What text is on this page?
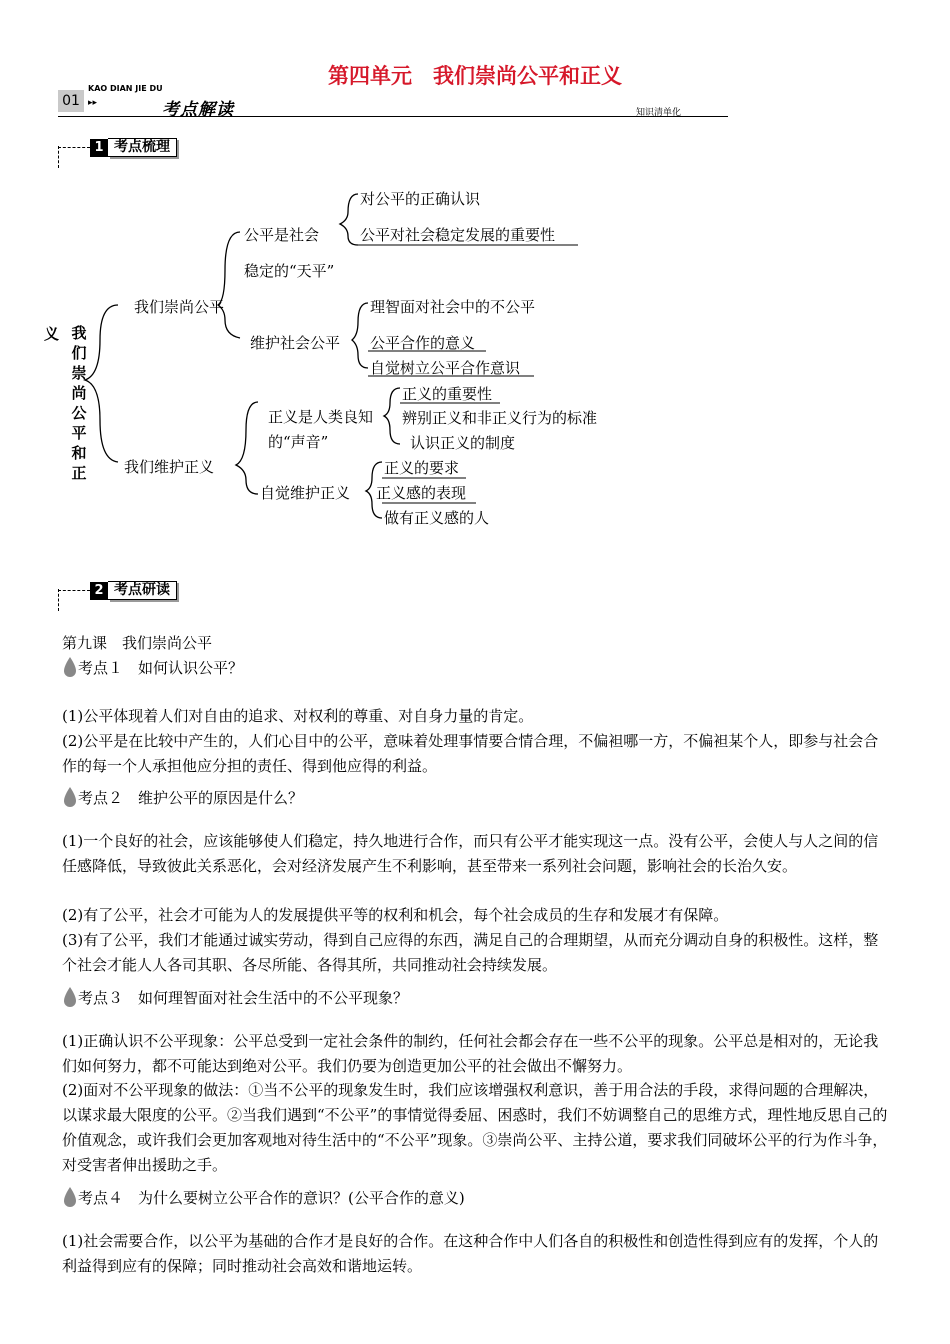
第四单元　我们崇尚公平和正义
01
KAO DIAN JIE DU
▸▸	考点解读	知识清单化
1 考点梳理
义 我
们
崇
尚
公
平
和
正
我们崇尚公平
公平是社会
对公平的正确认识
公平对社会稳定发展的重要性
稳定的“天平”
维护社会公平
理智面对社会中的不公平
公平合作的意义
自觉树立公平合作意识
我们维护正义
正义是人类良知
的“声音”
正义的重要性
辨别正义和非正义行为的标准
认识正义的制度
自觉维护正义
正义的要求
正义感的表现
做有正义感的人
2 考点研读
第九课　我们崇尚公平
考点１　如何认识公平？
(1)公平体现着人们对自由的追求、对权利的尊重、对自身力量的肯定。
(2)公平是在比较中产生的，人们心目中的公平，意味着处理事情要合情合理，不偏袒哪一方，不偏袒某个人，即参与社会合作的每一个人承担他应分担的责任、得到他应得的利益。
考点２　维护公平的原因是什么？
(1)一个良好的社会，应该能够使人们稳定，持久地进行合作，而只有公平才能实现这一点。没有公平，会使人与人之间的信任感降低，导致彼此关系恶化，会对经济发展产生不利影响，甚至带来一系列社会问题，影响社会的长治久安。
(2)有了公平，社会才可能为人的发展提供平等的权利和机会，每个社会成员的生存和发展才有保障。
(3)有了公平，我们才能通过诚实劳动，得到自己应得的东西，满足自己的合理期望，从而充分调动自身的积极性。这样，整个社会才能人人各司其职、各尽所能、各得其所，共同推动社会持续发展。
考点３　如何理智面对社会生活中的不公平现象？
(1)正确认识不公平现象：公平总受到一定社会条件的制约，任何社会都会存在一些不公平的现象。公平总是相对的，无论我们如何努力，都不可能达到绝对公平。我们仍要为创造更加公平的社会做出不懈努力。
(2)面对不公平现象的做法：①当不公平的现象发生时，我们应该增强权利意识，善于用合法的手段，求得问题的合理解决，以谋求最大限度的公平。②当我们遇到“不公平”的事情觉得委屈、困惑时，我们不妨调整自己的思维方式，理性地反思自己的价值观念，或许我们会更加客观地对待生活中的“不公平”现象。③崇尚公平、主持公道，要求我们同破坏公平的行为作斗争，对受害者伸出援助之手。
考点４　为什么要树立公平合作的意识？(公平合作的意义)
(1)社会需要合作，以公平为基础的合作才是良好的合作。在这种合作中人们各自的积极性和创造性得到应有的发挥，个人的利益得到应有的保障；同时推动社会高效和谐地运转。
